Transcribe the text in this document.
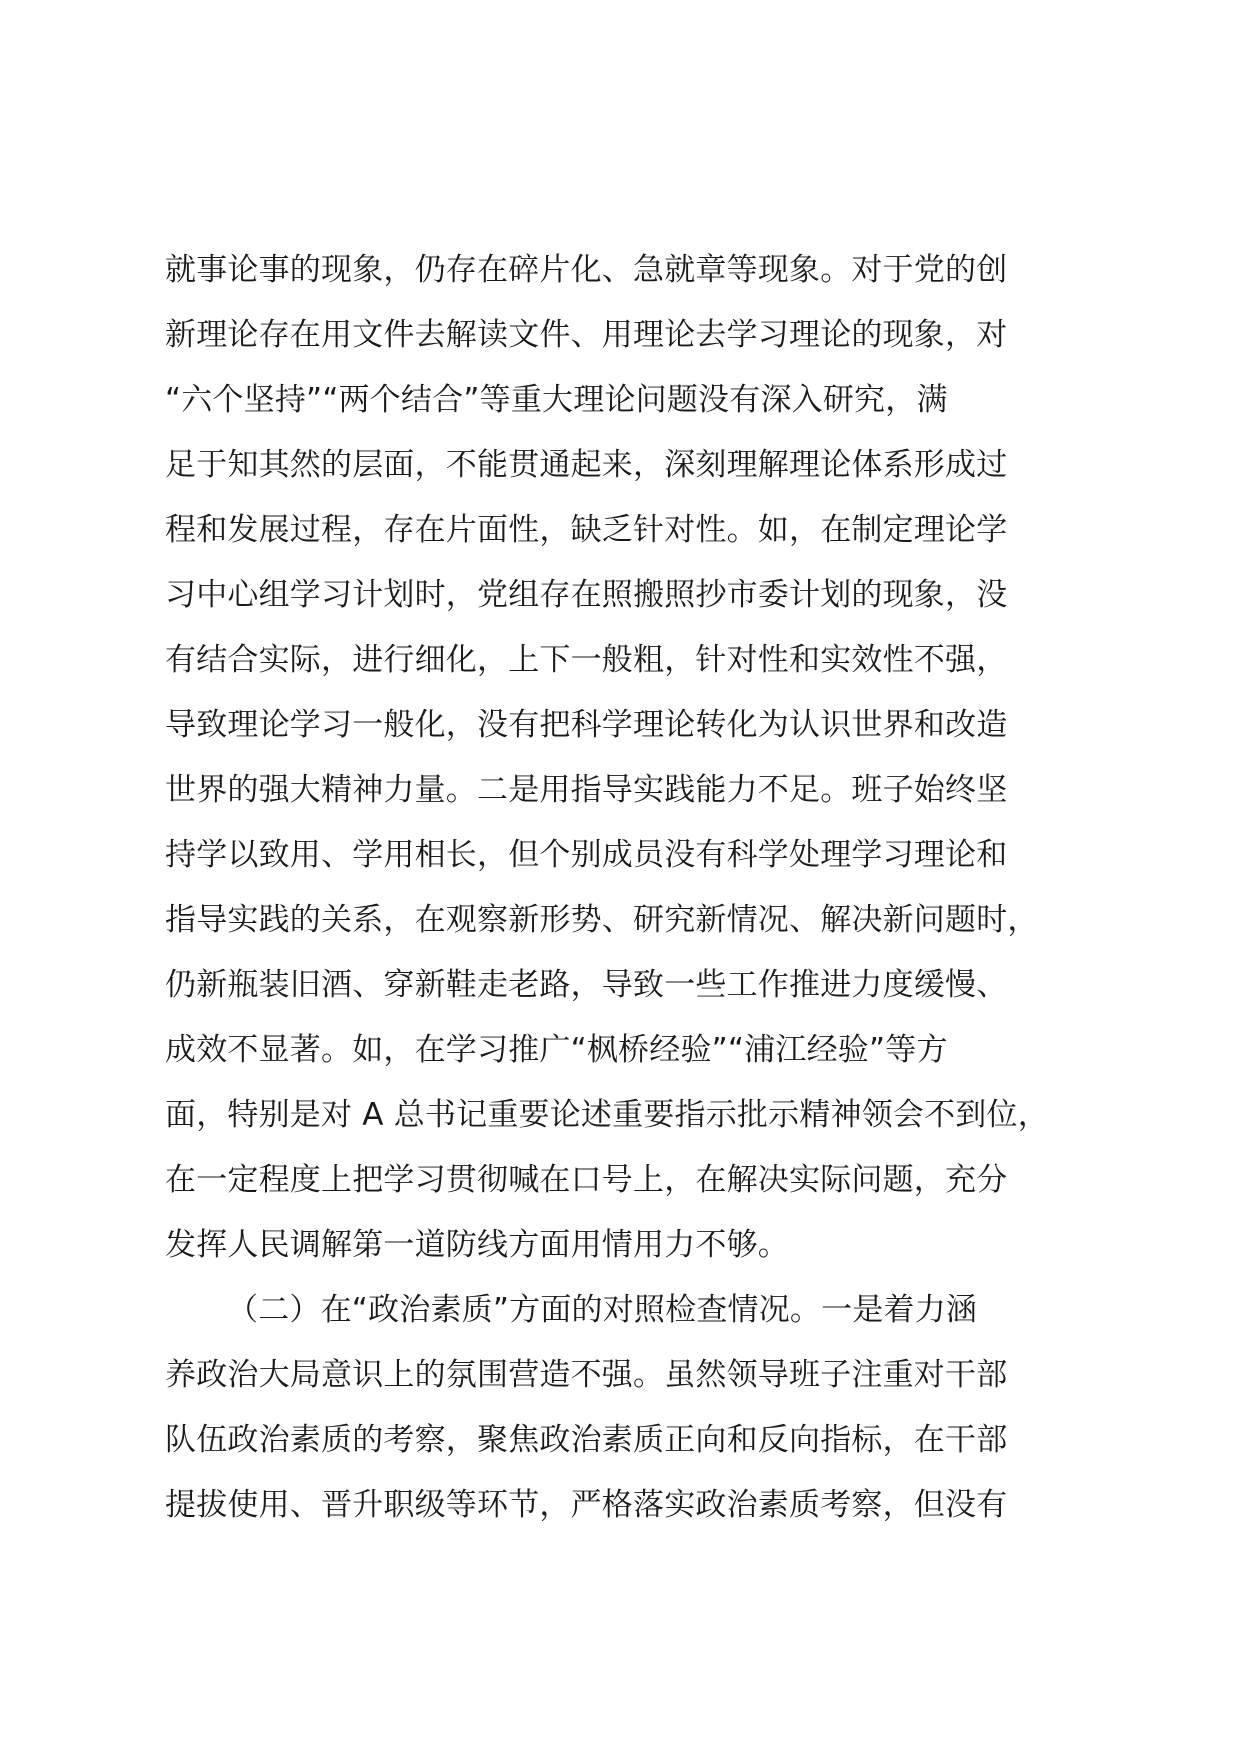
就事论事的现象，仍存在碎片化、急就章等现象。对于党的创
新理论存在用文件去解读文件、用理论去学习理论的现象，对
“六个坚持”“两个结合”等重大理论问题没有深入研究，满
足于知其然的层面，不能贯通起来，深刻理解理论体系形成过
程和发展过程，存在片面性，缺乏针对性。如，在制定理论学
习中心组学习计划时，党组存在照搬照抄市委计划的现象，没
有结合实际，进行细化，上下一般粗，针对性和实效性不强，
导致理论学习一般化，没有把科学理论转化为认识世界和改造
世界的强大精神力量。二是用指导实践能力不足。班子始终坚
持学以致用、学用相长，但个别成员没有科学处理学习理论和
指导实践的关系，在观察新形势、研究新情况、解决新问题时，
仍新瓶装旧酒、穿新鞋走老路，导致一些工作推进力度缓慢、
成效不显著。如，在学习推广“枫桥经验”“浦江经验”等方
面，特别是对 A 总书记重要论述重要指示批示精神领会不到位，
在一定程度上把学习贯彻喊在口号上，在解决实际问题，充分
发挥人民调解第一道防线方面用情用力不够。
（二）在“政治素质”方面的对照检查情况。一是着力涵
养政治大局意识上的氛围营造不强。虽然领导班子注重对干部
队伍政治素质的考察，聚焦政治素质正向和反向指标，在干部
提拔使用、晋升职级等环节，严格落实政治素质考察，但没有
